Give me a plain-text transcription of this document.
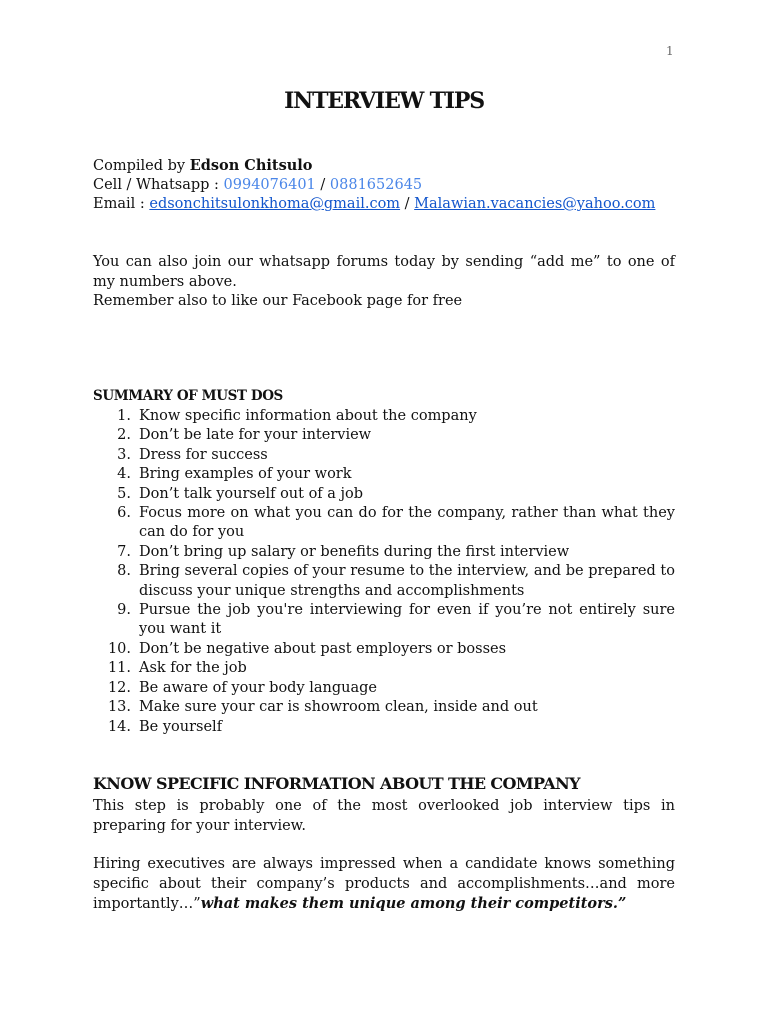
1
INTERVIEW TIPS
Compiled by Edson Chitsulo
Cell / Whatsapp : 0994076401 / 0881652645
Email : edsonchitsulonkhoma@gmail.com / Malawian.vacancies@yahoo.com
You can also join our whatsapp forums today by sending “add me” to one of my numbers above.
Remember also to like our Facebook page for free
SUMMARY OF MUST DOS
1. Know specific information about the company
2. Don’t be late for your interview
3. Dress for success
4. Bring examples of your work
5. Don’t talk yourself out of a job
6. Focus more on what you can do for the company, rather than what they can do for you
7. Don’t bring up salary or benefits during the first interview
8. Bring several copies of your resume to the interview, and be prepared to discuss your unique strengths and accomplishments
9. Pursue the job you're interviewing for even if you’re not entirely sure you want it
10. Don’t be negative about past employers or bosses
11. Ask for the job
12. Be aware of your body language
13. Make sure your car is showroom clean, inside and out
14. Be yourself
KNOW SPECIFIC INFORMATION ABOUT THE COMPANY
This step is probably one of the most overlooked job interview tips in preparing for your interview.
Hiring executives are always impressed when a candidate knows something specific about their company’s products and accomplishments…and more importantly…”what makes them unique among their competitors.”
